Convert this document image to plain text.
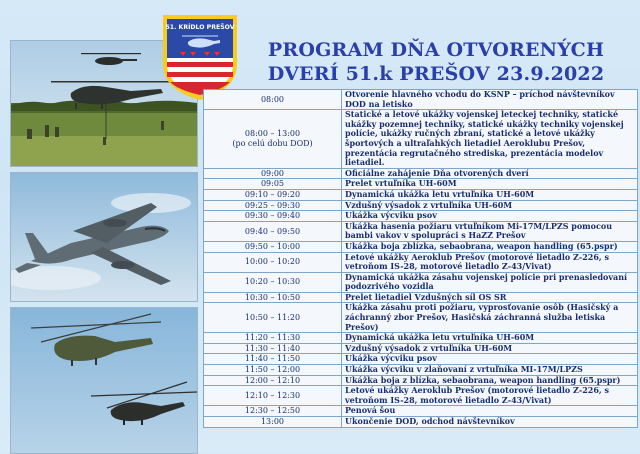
51. KRÍDLO PREŠOV
PROGRAM DŇA OTVORENÝCH
DVERÍ 51.k PREŠOV 23.9.2022
08:00	Otvorenie hlavného vchodu do KSNP – príchod návštevníkov DOD na letisko

08:00 – 13:00
(po celú dobu DOD)	Statické a letové ukážky vojenskej leteckej techniky, statické ukážky pozemnej techniky, statické ukážky techniky vojenskej polície, ukážky ručných zbraní, statické a letové ukážky športových a ultraľahkých lietadiel Aeroklubu Prešov, prezentácia regrutačného strediska, prezentácia modelov lietadiel.

09:00	Oficiálne zahájenie Dňa otvorených dverí

09:05	Prelet vrtuľníka UH-60M

09:10 – 09:20	Dynamická ukážka letu vrtuľníka UH-60M

09:25 – 09:30	Vzdušný výsadok z vrtuľníka UH-60M

09:30 – 09:40	Ukážka výcviku psov

09:40 – 09:50	Ukážka hasenia požiaru vrtuľníkom Mi-17M/LPZS pomocou bambi vakov v spolupráci s HaZZ Prešov

09:50 – 10:00	Ukážka boja zblízka, sebaobrana, weapon handling (65.pspr)

10:00 – 10:20	Letové ukážky Aeroklub Prešov (motorové lietadlo Z-226, s vetroňom IS-28, motorové lietadlo Z-43/Vivat)

10:20 – 10:30	Dynamická ukážka zásahu vojenskej polície pri prenasledovaní podozrivého vozidla

10:30 – 10:50	Prelet lietadiel Vzdušných síl OS SR

10:50 – 11:20	Ukážka zásahu proti požiaru, vyprosťovanie osôb (Hasičský a záchranný zbor Prešov, Hasičská záchranná služba letiska Prešov)

11:20 – 11:30	Dynamická ukážka letu vrtuľníka UH-60M

11:30 – 11:40	Vzdušný výsadok z vrtuľníka UH-60M

11:40 – 11:50	Ukážka výcviku psov

11:50 – 12:00	Ukážka výcviku v zlaňovaní z vrtuľníka MI-17M/LPZS

12:00 – 12:10	Ukážka boja z blízka, sebaobrana, weapon handling (65.pspr)

12:10 – 12:30	Letové ukážky Aeroklub Prešov (motorové lietadlo Z-226, s vetroňom IS-28, motorové lietadlo Z-43/Vivat)

12:30 – 12:50	Penová šou

13:00	Ukončenie DOD, odchod návštevníkov
